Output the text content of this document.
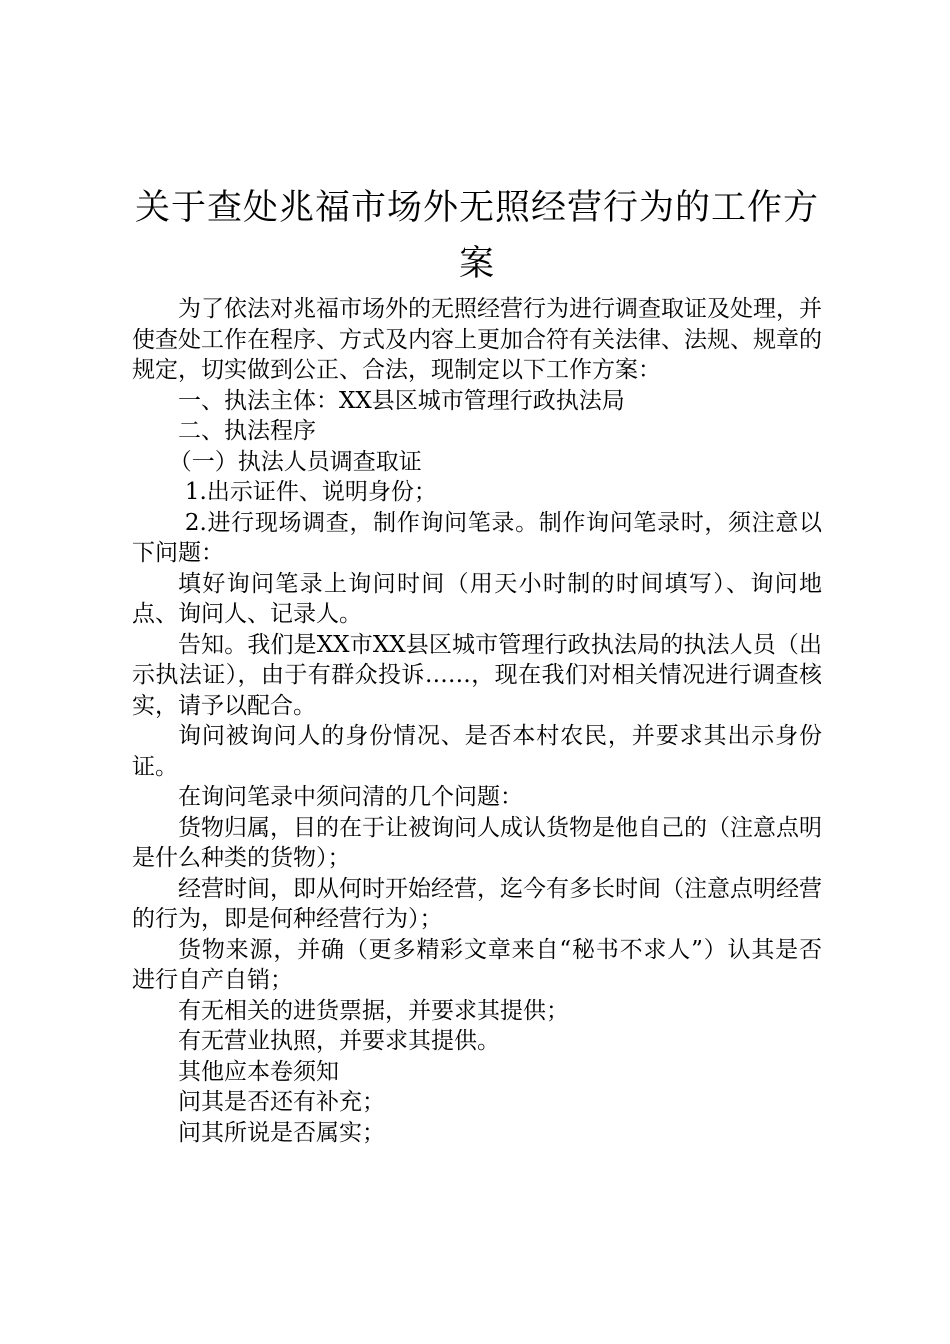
关于查处兆福市场外无照经营行为的工作方案

为了依法对兆福市场外的无照经营行为进行调查取证及处理，并使查处工作在程序、方式及内容上更加合符有关法律、法规、规章的规定，切实做到公正、合法，现制定以下工作方案：

一、执法主体：XX县区城市管理行政执法局

二、执法程序

（一）执法人员调查取证

1.出示证件、说明身份；

2.进行现场调查，制作询问笔录。制作询问笔录时，须注意以下问题：

填好询问笔录上询问时间（用天小时制的时间填写）、询问地点、询问人、记录人。

告知。我们是XX市XX县区城市管理行政执法局的执法人员（出示执法证），由于有群众投诉……，现在我们对相关情况进行调查核实，请予以配合。

询问被询问人的身份情况、是否本村农民，并要求其出示身份证。

在询问笔录中须问清的几个问题：

货物归属，目的在于让被询问人成认货物是他自己的（注意点明是什么种类的货物）；

经营时间，即从何时开始经营，迄今有多长时间（注意点明经营的行为，即是何种经营行为）；

货物来源，并确（更多精彩文章来自“秘书不求人”）认其是否进行自产自销；

有无相关的进货票据，并要求其提供；

有无营业执照，并要求其提供。

其他应本卷须知

问其是否还有补充；

问其所说是否属实；
